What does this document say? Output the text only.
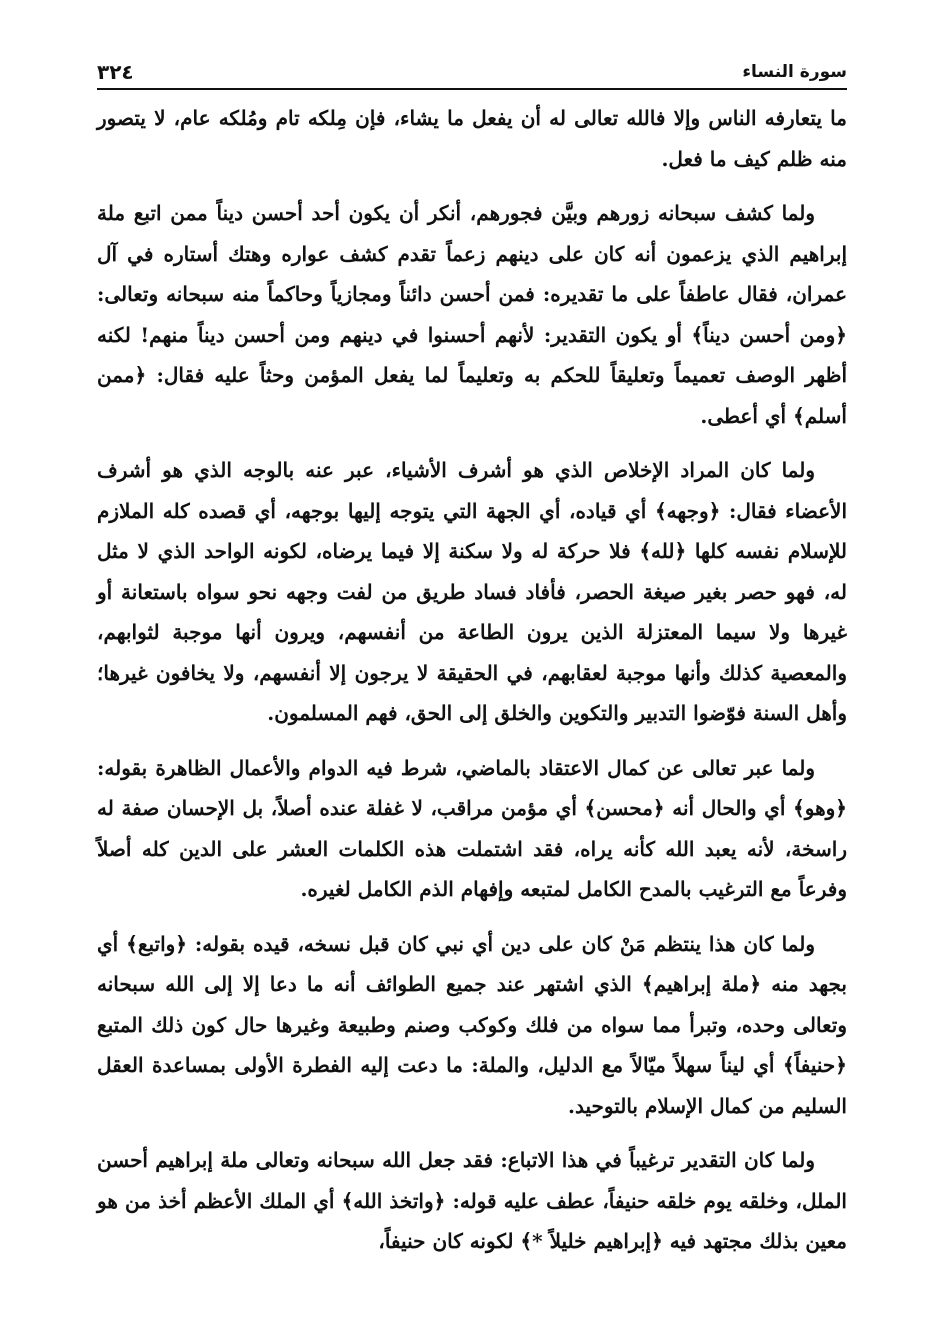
سورة النساء
٣٢٤

ما يتعارفه الناس وإلا فالله تعالى له أن يفعل ما يشاء، فإن مِلكه تام ومُلكه عام، لا يتصور منه ظلم كيف ما فعل.

ولما كشف سبحانه زورهم وبيَّن فجورهم، أنكر أن يكون أحد أحسن ديناً ممن اتبع ملة إبراهيم الذي يزعمون أنه كان على دينهم زعماً تقدم كشف عواره وهتك أستاره في آل عمران، فقال عاطفاً على ما تقديره: فمن أحسن دائناً ومجازياً وحاكماً منه سبحانه وتعالى: ﴿ومن أحسن ديناً﴾ أو يكون التقدير: لأنهم أحسنوا في دينهم ومن أحسن ديناً منهم! لكنه أظهر الوصف تعميماً وتعليقاً للحكم به وتعليماً لما يفعل المؤمن وحثاً عليه فقال: ﴿ممن أسلم﴾ أي أعطى.

ولما كان المراد الإخلاص الذي هو أشرف الأشياء، عبر عنه بالوجه الذي هو أشرف الأعضاء فقال: ﴿وجهه﴾ أي قياده، أي الجهة التي يتوجه إليها بوجهه، أي قصده كله الملازم للإسلام نفسه كلها ﴿لله﴾ فلا حركة له ولا سكنة إلا فيما يرضاه، لكونه الواحد الذي لا مثل له، فهو حصر بغير صيغة الحصر، فأفاد فساد طريق من لفت وجهه نحو سواه باستعانة أو غيرها ولا سيما المعتزلة الذين يرون الطاعة من أنفسهم، ويرون أنها موجبة لثوابهم، والمعصية كذلك وأنها موجبة لعقابهم، في الحقيقة لا يرجون إلا أنفسهم، ولا يخافون غيرها؛ وأهل السنة فوّضوا التدبير والتكوين والخلق إلى الحق، فهم المسلمون.

ولما عبر تعالى عن كمال الاعتقاد بالماضي، شرط فيه الدوام والأعمال الظاهرة بقوله: ﴿وهو﴾ أي والحال أنه ﴿محسن﴾ أي مؤمن مراقب، لا غفلة عنده أصلاً، بل الإحسان صفة له راسخة، لأنه يعبد الله كأنه يراه، فقد اشتملت هذه الكلمات العشر على الدين كله أصلاً وفرعاً مع الترغيب بالمدح الكامل لمتبعه وإفهام الذم الكامل لغيره.

ولما كان هذا ينتظم مَنْ كان على دين أي نبي كان قبل نسخه، قيده بقوله: ﴿واتبع﴾ أي بجهد منه ﴿ملة إبراهيم﴾ الذي اشتهر عند جميع الطوائف أنه ما دعا إلا إلى الله سبحانه وتعالى وحده، وتبرأ مما سواه من فلك وكوكب وصنم وطبيعة وغيرها حال كون ذلك المتبع ﴿حنيفاً﴾ أي ليناً سهلاً ميّالاً مع الدليل، والملة: ما دعت إليه الفطرة الأولى بمساعدة العقل السليم من كمال الإسلام بالتوحيد.

ولما كان التقدير ترغيباً في هذا الاتباع: فقد جعل الله سبحانه وتعالى ملة إبراهيم أحسن الملل، وخلقه يوم خلقه حنيفاً، عطف عليه قوله: ﴿واتخذ الله﴾ أي الملك الأعظم أخذ من هو معين بذلك مجتهد فيه ﴿إبراهيم خليلاً *﴾ لكونه كان حنيفاً،
